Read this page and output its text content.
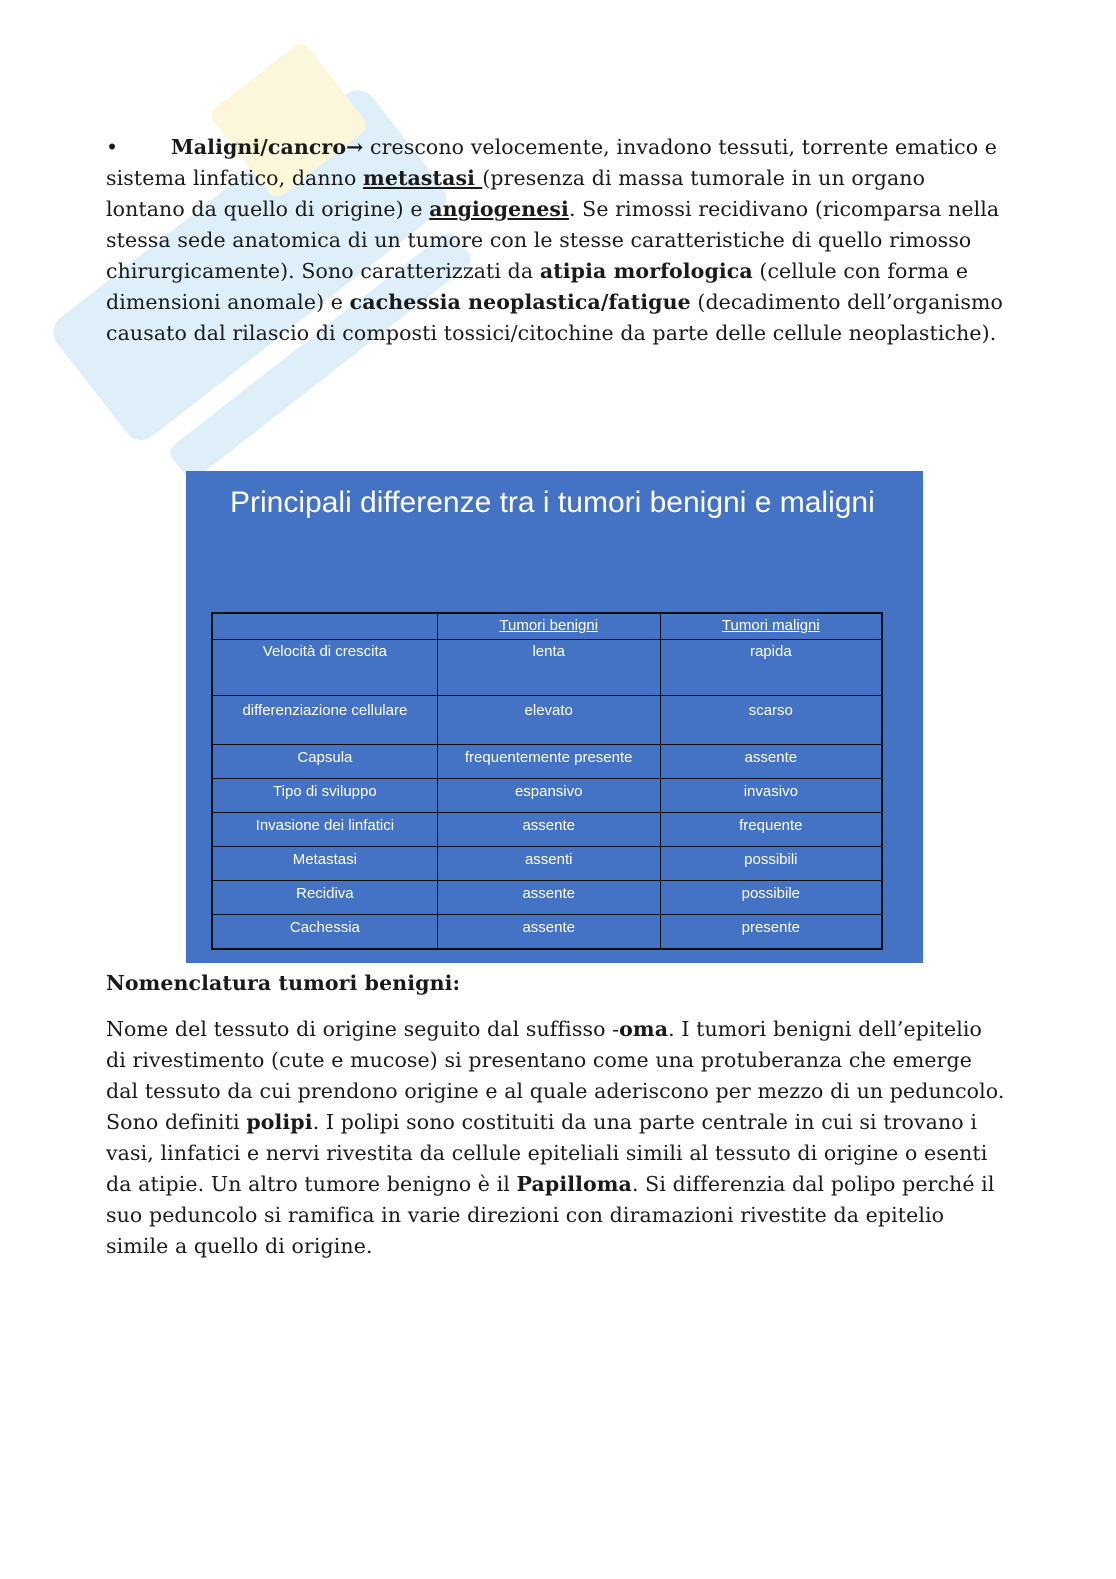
•	Maligni/cancro→ crescono velocemente, invadono tessuti, torrente ematico e sistema linfatico, danno metastasi (presenza di massa tumorale in un organo lontano da quello di origine) e angiogenesi. Se rimossi recidivano (ricomparsa nella stessa sede anatomica di un tumore con le stesse caratteristiche di quello rimosso chirurgicamente). Sono caratterizzati da atipia morfologica (cellule con forma e dimensioni anomale) e cachessia neoplastica/fatigue (decadimento dell’organismo causato dal rilascio di composti tossici/citochine da parte delle cellule neoplastiche).
Principali differenze tra i tumori benigni e maligni
	Tumori benigni	Tumori maligni
Velocità di crescita	lenta	rapida
differenziazione cellulare	elevato	scarso
Capsula	frequentemente presente	assente
Tipo di sviluppo	espansivo	invasivo
Invasione dei linfatici	assente	frequente
Metastasi	assenti	possibili
Recidiva	assente	possibile
Cachessia	assente	presente
Nomenclatura tumori benigni:
Nome del tessuto di origine seguito dal suffisso -oma. I tumori benigni dell’epitelio di rivestimento (cute e mucose) si presentano come una protuberanza che emerge dal tessuto da cui prendono origine e al quale aderiscono per mezzo di un peduncolo. Sono definiti polipi. I polipi sono costituiti da una parte centrale in cui si trovano i vasi, linfatici e nervi rivestita da cellule epiteliali simili al tessuto di origine o esenti da atipie. Un altro tumore benigno è il Papilloma. Si differenzia dal polipo perché il suo peduncolo si ramifica in varie direzioni con diramazioni rivestite da epitelio simile a quello di origine.
